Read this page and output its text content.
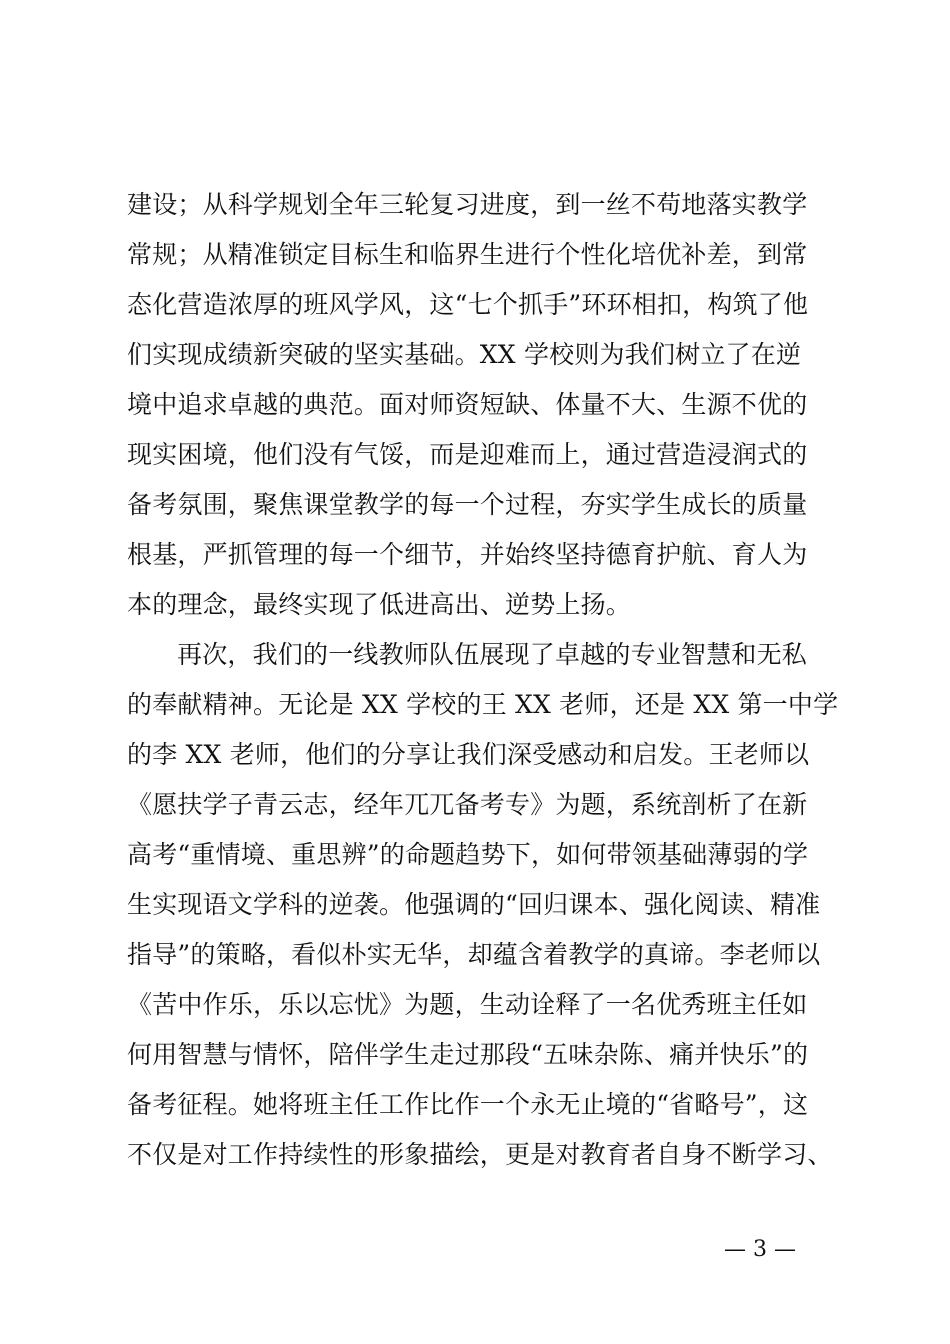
建设；从科学规划全年三轮复习进度，到一丝不苟地落实教学
常规；从精准锁定目标生和临界生进行个性化培优补差，到常
态化营造浓厚的班风学风，这“七个抓手”环环相扣，构筑了他
们实现成绩新突破的坚实基础。XX 学校则为我们树立了在逆
境中追求卓越的典范。面对师资短缺、体量不大、生源不优的
现实困境，他们没有气馁，而是迎难而上，通过营造浸润式的
备考氛围，聚焦课堂教学的每一个过程，夯实学生成长的质量
根基，严抓管理的每一个细节，并始终坚持德育护航、育人为
本的理念，最终实现了低进高出、逆势上扬。
再次，我们的一线教师队伍展现了卓越的专业智慧和无私
的奉献精神。无论是 XX 学校的王 XX 老师，还是 XX 第一中学
的李 XX 老师，他们的分享让我们深受感动和启发。王老师以
《愿扶学子青云志，经年兀兀备考专》为题，系统剖析了在新
高考“重情境、重思辨”的命题趋势下，如何带领基础薄弱的学
生实现语文学科的逆袭。他强调的“回归课本、强化阅读、精准
指导”的策略，看似朴实无华，却蕴含着教学的真谛。李老师以
《苦中作乐，乐以忘忧》为题，生动诠释了一名优秀班主任如
何用智慧与情怀，陪伴学生走过那段“五味杂陈、痛并快乐”的
备考征程。她将班主任工作比作一个永无止境的“省略号”，这
不仅是对工作持续性的形象描绘，更是对教育者自身不断学习、
— 3 —
